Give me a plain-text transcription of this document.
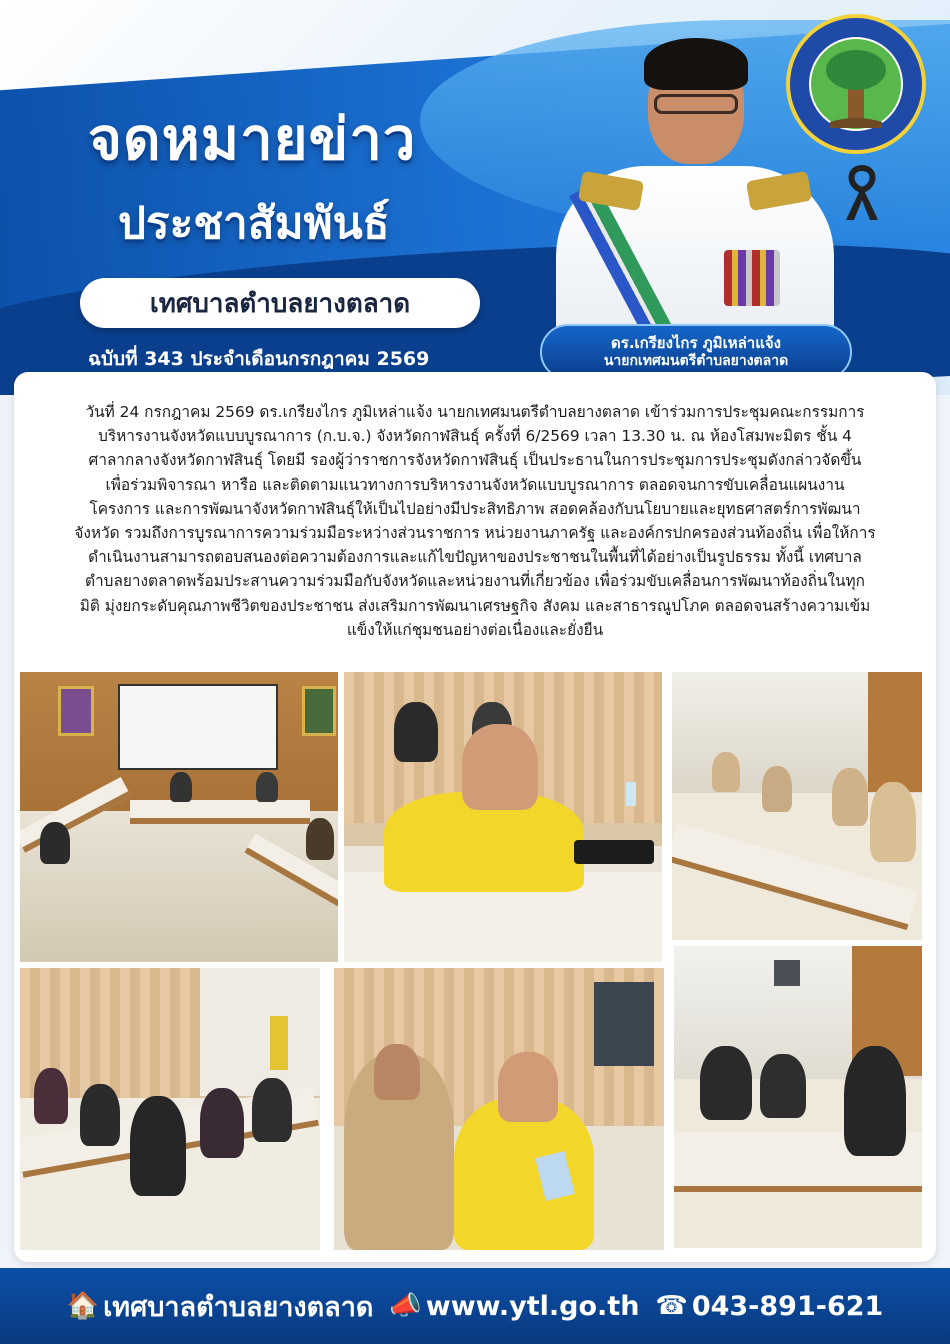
จดหมายข่าว
ประชาสัมพันธ์
เทศบาลตำบลยางตลาด
ฉบับที่ 343 ประจำเดือนกรกฎาคม 2569
ดร.เกรียงไกร ภูมิเหล่าแจ้ง
นายกเทศมนตรีตำบลยางตลาด
วันที่ 24 กรกฎาคม 2569 ดร.เกรียงไกร ภูมิเหล่าแจ้ง นายกเทศมนตรีตำบลยางตลาด เข้าร่วมการประชุมคณะกรรมการ
บริหารงานจังหวัดแบบบูรณาการ (ก.บ.จ.) จังหวัดกาฬสินธุ์ ครั้งที่ 6/2569 เวลา 13.30 น. ณ ห้องโสมพะมิตร ชั้น 4
ศาลากลางจังหวัดกาฬสินธุ์ โดยมี รองผู้ว่าราชการจังหวัดกาฬสินธุ์ เป็นประธานในการประชุมการประชุมดังกล่าวจัดขึ้น
เพื่อร่วมพิจารณา หารือ และติดตามแนวทางการบริหารงานจังหวัดแบบบูรณาการ ตลอดจนการขับเคลื่อนแผนงาน
โครงการ และการพัฒนาจังหวัดกาฬสินธุ์ให้เป็นไปอย่างมีประสิทธิภาพ สอดคล้องกับนโยบายและยุทธศาสตร์การพัฒนา
จังหวัด รวมถึงการบูรณาการความร่วมมือระหว่างส่วนราชการ หน่วยงานภาครัฐ และองค์กรปกครองส่วนท้องถิ่น เพื่อให้การ
ดำเนินงานสามารถตอบสนองต่อความต้องการและแก้ไขปัญหาของประชาชนในพื้นที่ได้อย่างเป็นรูปธรรม ทั้งนี้ เทศบาล
ตำบลยางตลาดพร้อมประสานความร่วมมือกับจังหวัดและหน่วยงานที่เกี่ยวข้อง เพื่อร่วมขับเคลื่อนการพัฒนาท้องถิ่นในทุก
มิติ มุ่งยกระดับคุณภาพชีวิตของประชาชน ส่งเสริมการพัฒนาเศรษฐกิจ สังคม และสาธารณูปโภค ตลอดจนสร้างความเข้ม
แข็งให้แก่ชุมชนอย่างต่อเนื่องและยั่งยืน
🏠 เทศบาลตำบลยางตลาด 📣 www.ytl.go.th ☎ 043-891-621
